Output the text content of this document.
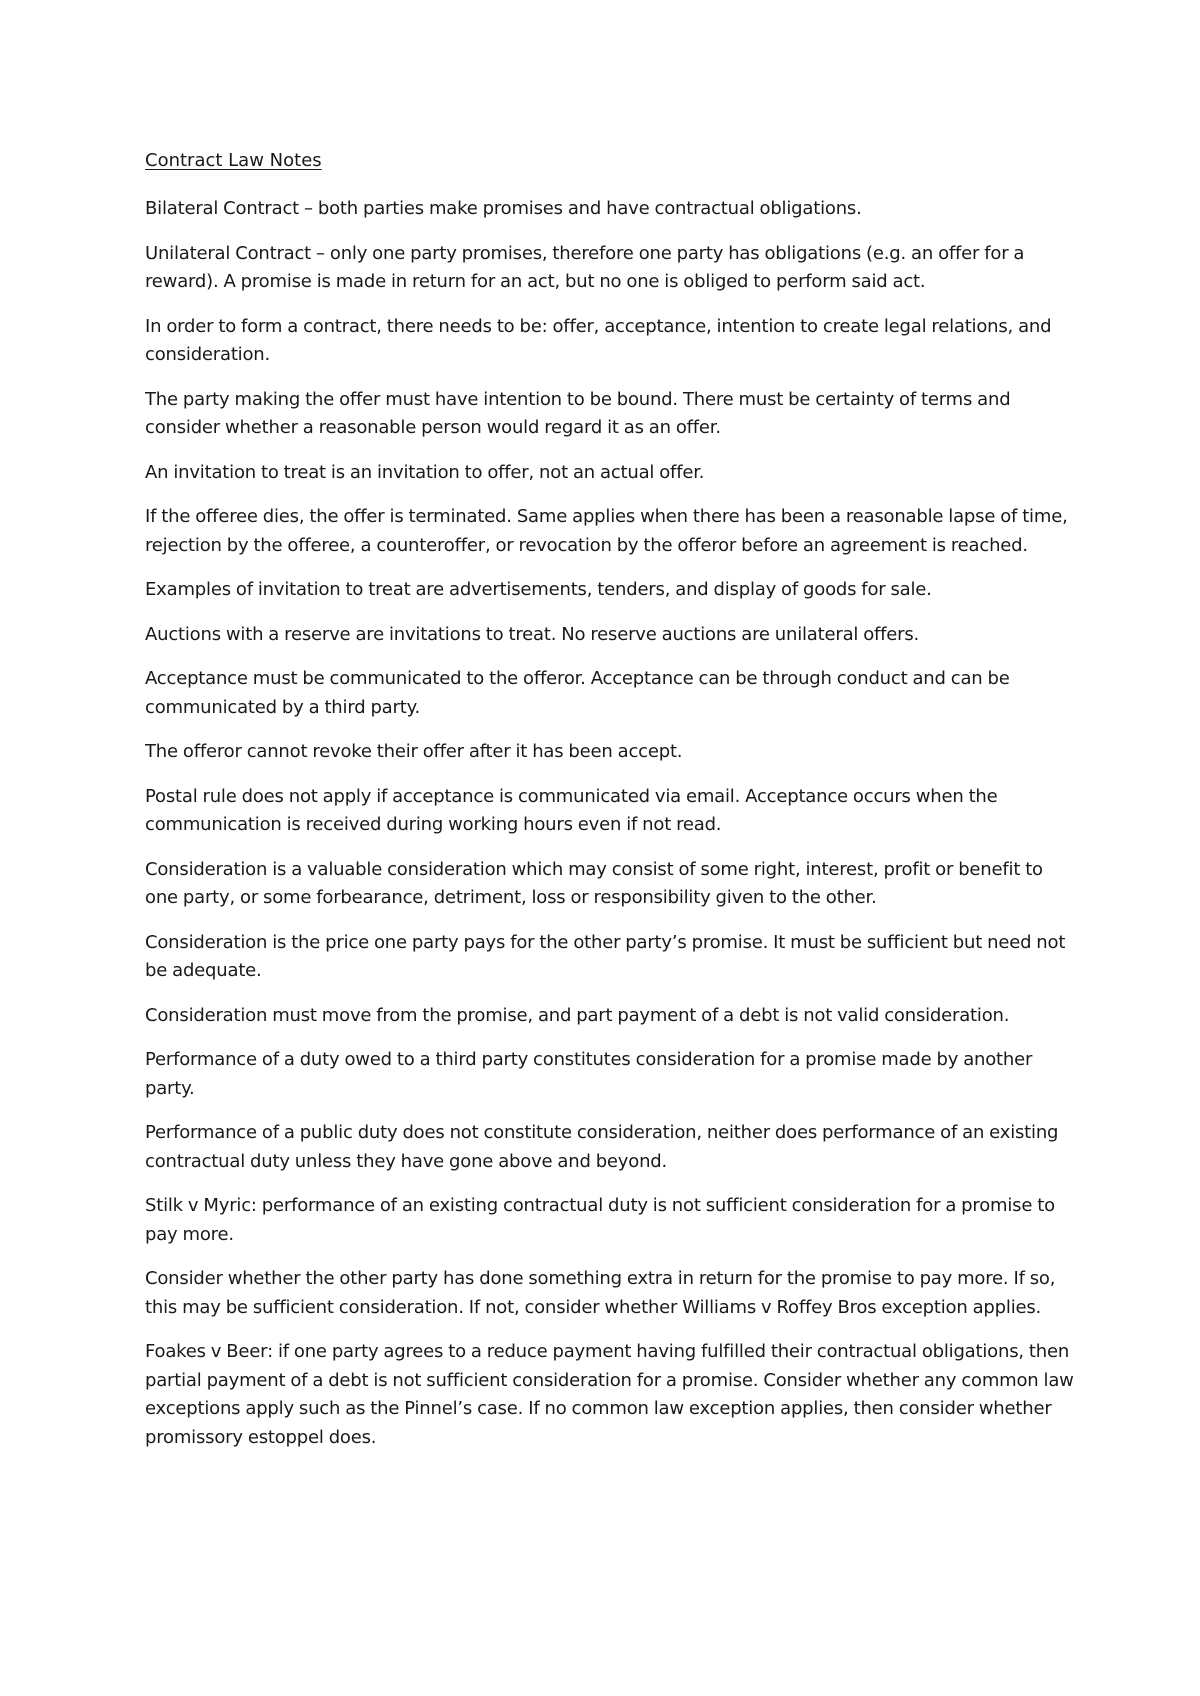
Contract Law Notes

Bilateral Contract – both parties make promises and have contractual obligations.

Unilateral Contract – only one party promises, therefore one party has obligations (e.g. an offer for a reward). A promise is made in return for an act, but no one is obliged to perform said act.

In order to form a contract, there needs to be: offer, acceptance, intention to create legal relations, and consideration.

The party making the offer must have intention to be bound. There must be certainty of terms and consider whether a reasonable person would regard it as an offer.

An invitation to treat is an invitation to offer, not an actual offer.

If the offeree dies, the offer is terminated. Same applies when there has been a reasonable lapse of time, rejection by the offeree, a counteroffer, or revocation by the offeror before an agreement is reached.

Examples of invitation to treat are advertisements, tenders, and display of goods for sale.

Auctions with a reserve are invitations to treat. No reserve auctions are unilateral offers.

Acceptance must be communicated to the offeror. Acceptance can be through conduct and can be communicated by a third party.

The offeror cannot revoke their offer after it has been accept.

Postal rule does not apply if acceptance is communicated via email. Acceptance occurs when the communication is received during working hours even if not read.

Consideration is a valuable consideration which may consist of some right, interest, profit or benefit to one party, or some forbearance, detriment, loss or responsibility given to the other.

Consideration is the price one party pays for the other party’s promise. It must be sufficient but need not be adequate.

Consideration must move from the promise, and part payment of a debt is not valid consideration.

Performance of a duty owed to a third party constitutes consideration for a promise made by another party.

Performance of a public duty does not constitute consideration, neither does performance of an existing contractual duty unless they have gone above and beyond.

Stilk v Myric: performance of an existing contractual duty is not sufficient consideration for a promise to pay more.

Consider whether the other party has done something extra in return for the promise to pay more. If so, this may be sufficient consideration. If not, consider whether Williams v Roffey Bros exception applies.

Foakes v Beer: if one party agrees to a reduce payment having fulfilled their contractual obligations, then partial payment of a debt is not sufficient consideration for a promise. Consider whether any common law exceptions apply such as the Pinnel’s case. If no common law exception applies, then consider whether promissory estoppel does.
